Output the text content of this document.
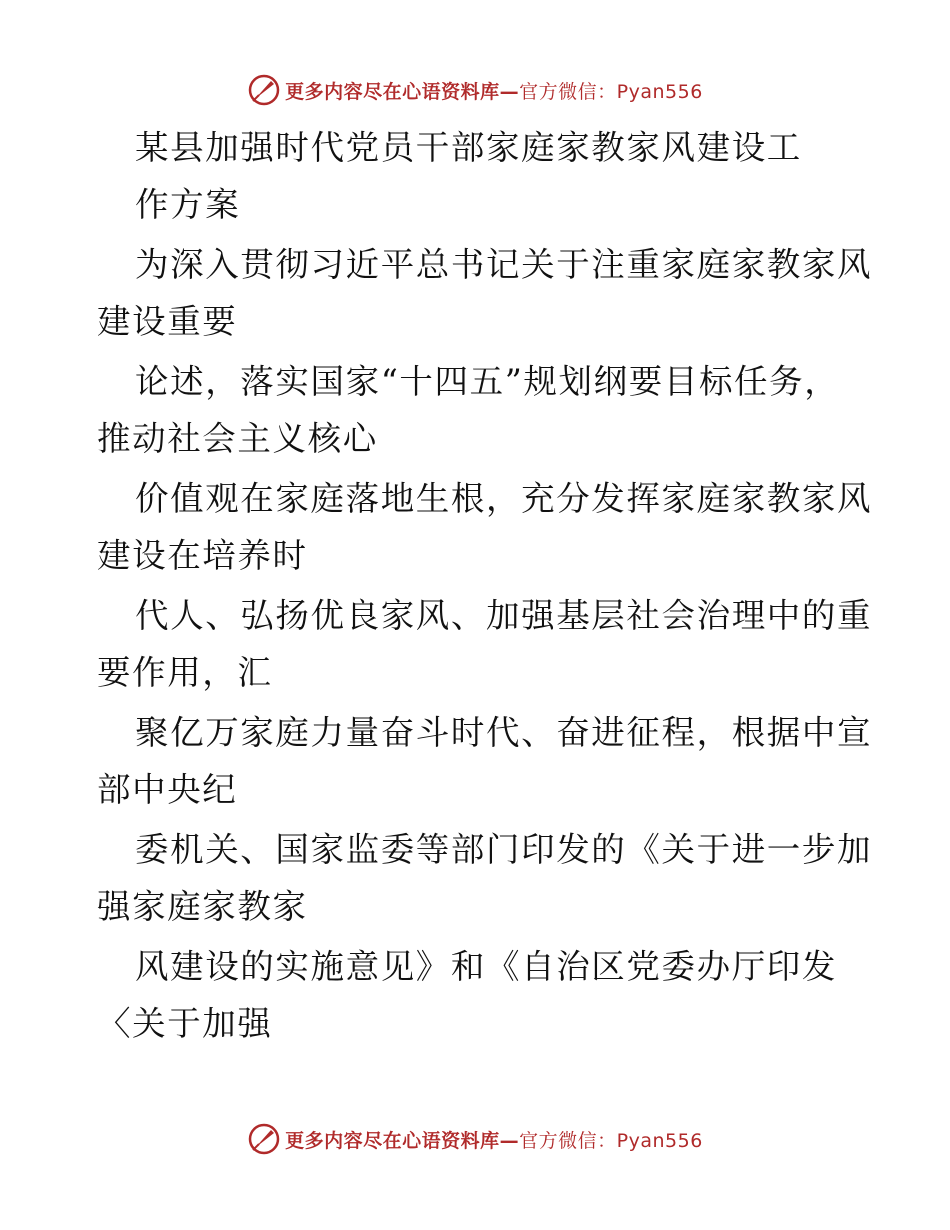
更多内容尽在心语资料库— 官方微信：Pyan556
某县加强时代党员干部家庭家教家风建设工
作方案
为深入贯彻习近平总书记关于注重家庭家教家风
建设重要
论述，落实国家“十四五”规划纲要目标任务，
推动社会主义核心
价值观在家庭落地生根，充分发挥家庭家教家风
建设在培养时
代人、弘扬优良家风、加强基层社会治理中的重
要作用，汇
聚亿万家庭力量奋斗时代、奋进征程，根据中宣
部中央纪
委机关、国家监委等部门印发的《关于进一步加
强家庭家教家
风建设的实施意见》和《自治区党委办厅印发
〈关于加强
更多内容尽在心语资料库— 官方微信：Pyan556
